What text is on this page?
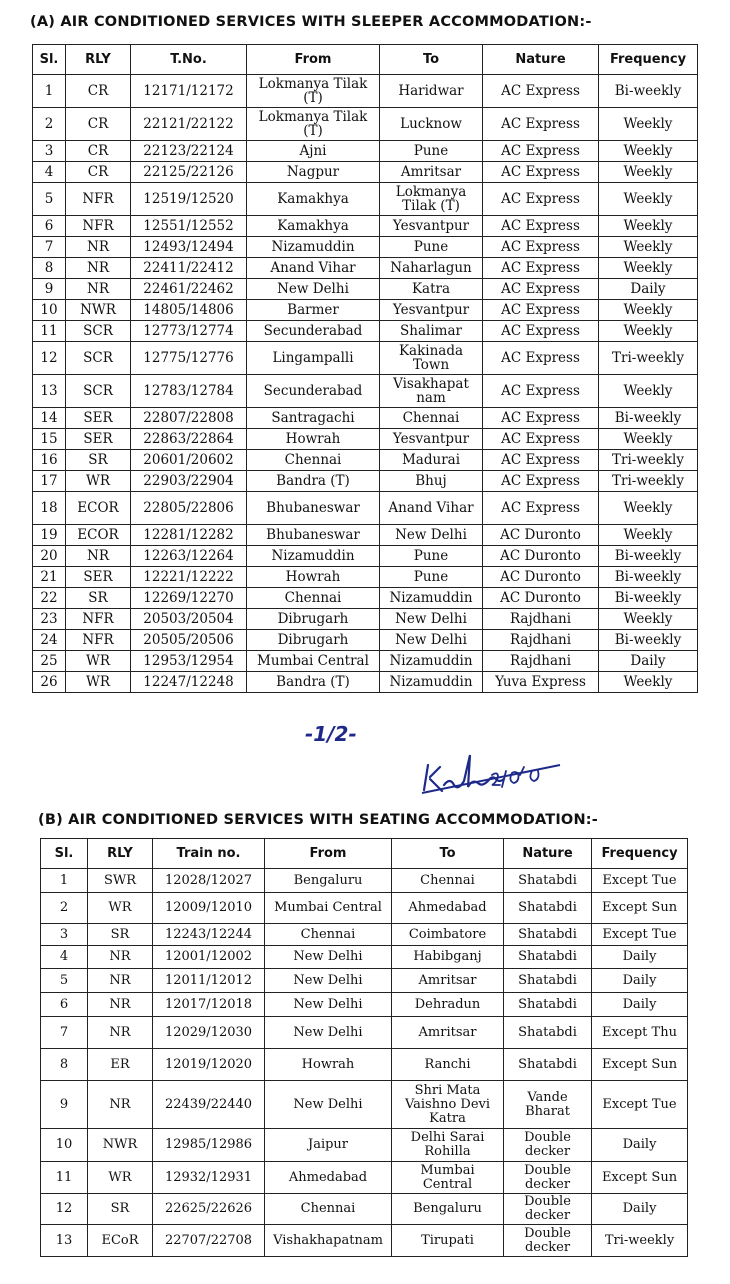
(A) AIR CONDITIONED SERVICES WITH SLEEPER ACCOMMODATION:-
Sl.	RLY	T.No.	From	To	Nature	Frequency
1	CR	12171/12172	Lokmanya Tilak (T)	Haridwar	AC Express	Bi-weekly
2	CR	22121/22122	Lokmanya Tilak (T)	Lucknow	AC Express	Weekly
3	CR	22123/22124	Ajni	Pune	AC Express	Weekly
4	CR	22125/22126	Nagpur	Amritsar	AC Express	Weekly
5	NFR	12519/12520	Kamakhya	Lokmanya Tilak (T)	AC Express	Weekly
6	NFR	12551/12552	Kamakhya	Yesvantpur	AC Express	Weekly
7	NR	12493/12494	Nizamuddin	Pune	AC Express	Weekly
8	NR	22411/22412	Anand Vihar	Naharlagun	AC Express	Weekly
9	NR	22461/22462	New Delhi	Katra	AC Express	Daily
10	NWR	14805/14806	Barmer	Yesvantpur	AC Express	Weekly
11	SCR	12773/12774	Secunderabad	Shalimar	AC Express	Weekly
12	SCR	12775/12776	Lingampalli	Kakinada Town	AC Express	Tri-weekly
13	SCR	12783/12784	Secunderabad	Visakhapat nam	AC Express	Weekly
14	SER	22807/22808	Santragachi	Chennai	AC Express	Bi-weekly
15	SER	22863/22864	Howrah	Yesvantpur	AC Express	Weekly
16	SR	20601/20602	Chennai	Madurai	AC Express	Tri-weekly
17	WR	22903/22904	Bandra (T)	Bhuj	AC Express	Tri-weekly
18	ECOR	22805/22806	Bhubaneswar	Anand Vihar	AC Express	Weekly
19	ECOR	12281/12282	Bhubaneswar	New Delhi	AC Duronto	Weekly
20	NR	12263/12264	Nizamuddin	Pune	AC Duronto	Bi-weekly
21	SER	12221/12222	Howrah	Pune	AC Duronto	Bi-weekly
22	SR	12269/12270	Chennai	Nizamuddin	AC Duronto	Bi-weekly
23	NFR	20503/20504	Dibrugarh	New Delhi	Rajdhani	Weekly
24	NFR	20505/20506	Dibrugarh	New Delhi	Rajdhani	Bi-weekly
25	WR	12953/12954	Mumbai Central	Nizamuddin	Rajdhani	Daily
26	WR	12247/12248	Bandra (T)	Nizamuddin	Yuva Express	Weekly
-1/2-
(B) AIR CONDITIONED SERVICES WITH SEATING ACCOMMODATION:-
Sl.	RLY	Train no.	From	To	Nature	Frequency
1	SWR	12028/12027	Bengaluru	Chennai	Shatabdi	Except Tue
2	WR	12009/12010	Mumbai Central	Ahmedabad	Shatabdi	Except Sun
3	SR	12243/12244	Chennai	Coimbatore	Shatabdi	Except Tue
4	NR	12001/12002	New Delhi	Habibganj	Shatabdi	Daily
5	NR	12011/12012	New Delhi	Amritsar	Shatabdi	Daily
6	NR	12017/12018	New Delhi	Dehradun	Shatabdi	Daily
7	NR	12029/12030	New Delhi	Amritsar	Shatabdi	Except Thu
8	ER	12019/12020	Howrah	Ranchi	Shatabdi	Except Sun
9	NR	22439/22440	New Delhi	Shri Mata Vaishno Devi Katra	Vande Bharat	Except Tue
10	NWR	12985/12986	Jaipur	Delhi Sarai Rohilla	Double decker	Daily
11	WR	12932/12931	Ahmedabad	Mumbai Central	Double decker	Except Sun
12	SR	22625/22626	Chennai	Bengaluru	Double decker	Daily
13	ECoR	22707/22708	Vishakhapatnam	Tirupati	Double decker	Tri-weekly
